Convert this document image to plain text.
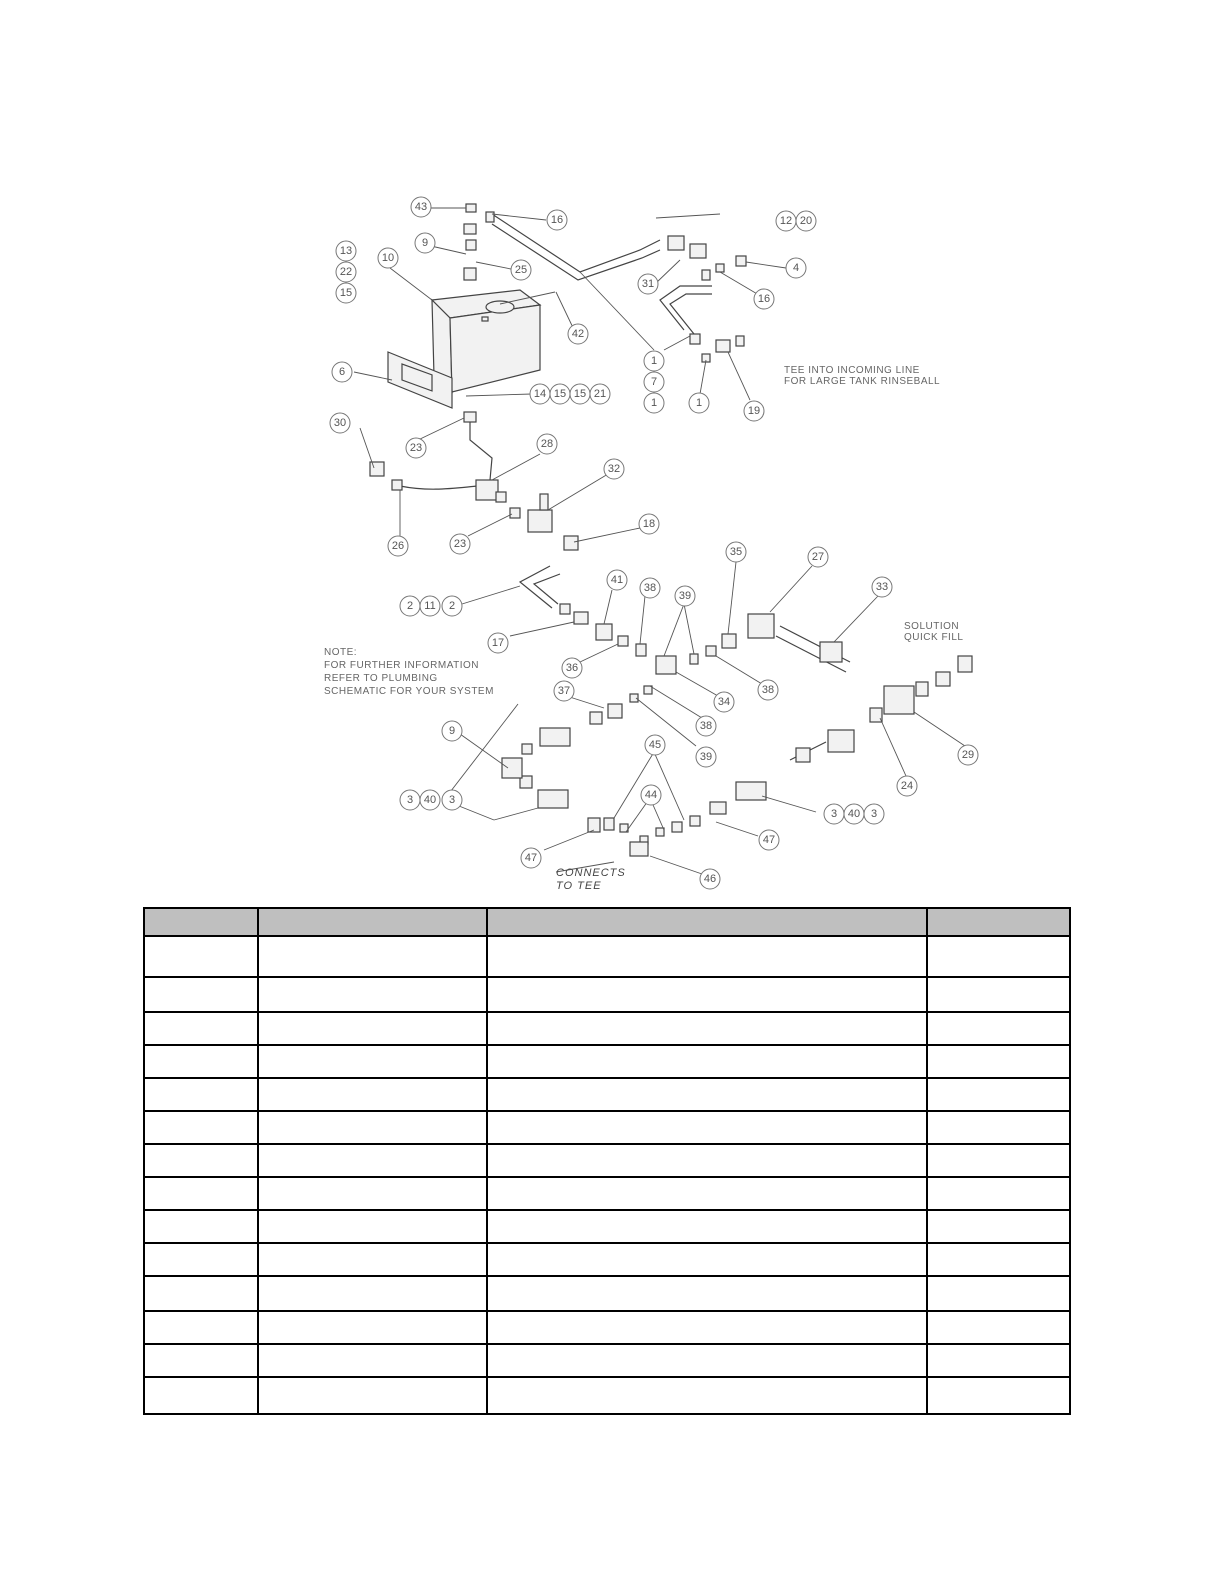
TEE INTO INCOMING LINE
FOR LARGE TANK RINSEBALL
SOLUTION
QUICK FILL
NOTE:
FOR FURTHER INFORMATION
REFER TO PLUMBING
SCHEMATIC FOR YOUR SYSTEM
CONNECTS
TO TEE
43
16	12 20
9
25
13
22
15
10
42
4
31
16
1
7
1	1
19
6
14 15 15 21
30
23	28
32
26	23
18
2 11 2
41
38
39
35	27
33
17
36
34
38
37
38
9
39
45
24
29
3 40 3	44
47
3 40 3
47
46
